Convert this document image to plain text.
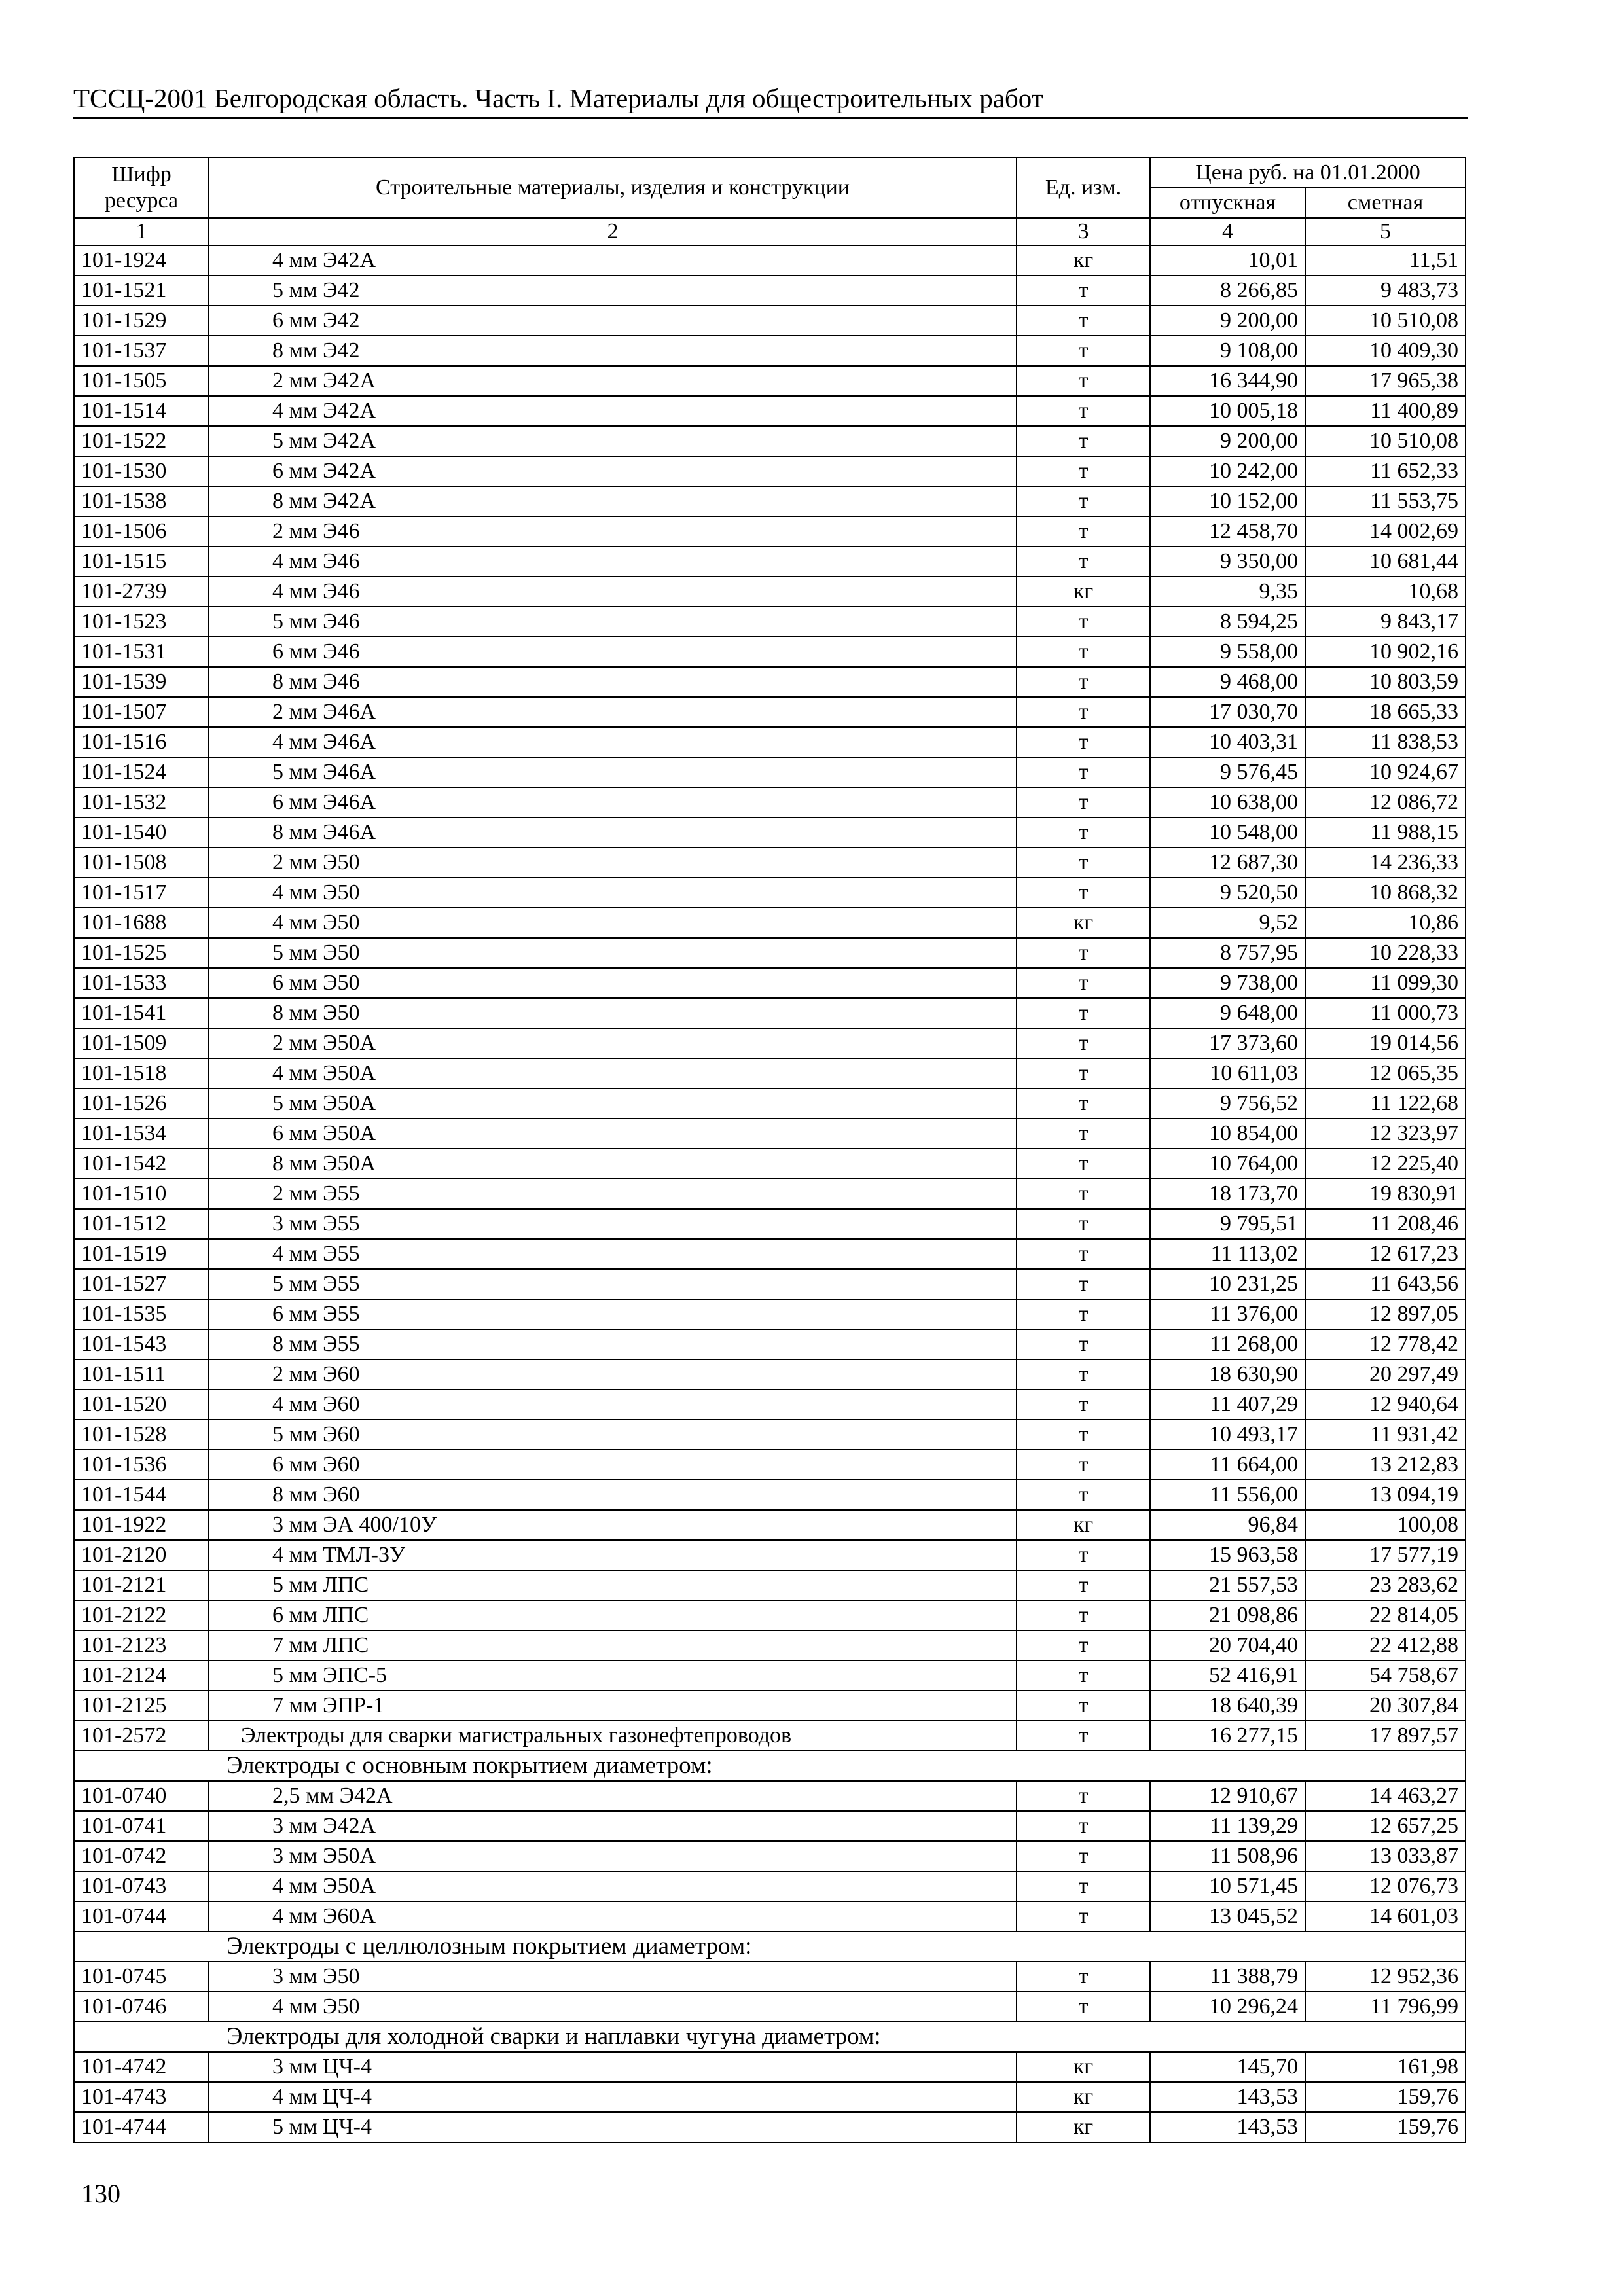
ТССЦ-2001 Белгородская область. Часть I. Материалы для общестроительных работ
Шифр ресурса	Строительные материалы, изделия и конструкции	Ед. изм.	Цена руб. на 01.01.2000	
			отпускная	сметная
1	2	3	4	5
101-1924	4 мм Э42А	кг	10,01	11,51
101-1521	5 мм Э42	т	8 266,85	9 483,73
101-1529	6 мм Э42	т	9 200,00	10 510,08
101-1537	8 мм Э42	т	9 108,00	10 409,30
101-1505	2 мм Э42А	т	16 344,90	17 965,38
101-1514	4 мм Э42А	т	10 005,18	11 400,89
101-1522	5 мм Э42А	т	9 200,00	10 510,08
101-1530	6 мм Э42А	т	10 242,00	11 652,33
101-1538	8 мм Э42А	т	10 152,00	11 553,75
101-1506	2 мм Э46	т	12 458,70	14 002,69
101-1515	4 мм Э46	т	9 350,00	10 681,44
101-2739	4 мм Э46	кг	9,35	10,68
101-1523	5 мм Э46	т	8 594,25	9 843,17
101-1531	6 мм Э46	т	9 558,00	10 902,16
101-1539	8 мм Э46	т	9 468,00	10 803,59
101-1507	2 мм Э46А	т	17 030,70	18 665,33
101-1516	4 мм Э46А	т	10 403,31	11 838,53
101-1524	5 мм Э46А	т	9 576,45	10 924,67
101-1532	6 мм Э46А	т	10 638,00	12 086,72
101-1540	8 мм Э46А	т	10 548,00	11 988,15
101-1508	2 мм Э50	т	12 687,30	14 236,33
101-1517	4 мм Э50	т	9 520,50	10 868,32
101-1688	4 мм Э50	кг	9,52	10,86
101-1525	5 мм Э50	т	8 757,95	10 228,33
101-1533	6 мм Э50	т	9 738,00	11 099,30
101-1541	8 мм Э50	т	9 648,00	11 000,73
101-1509	2 мм Э50А	т	17 373,60	19 014,56
101-1518	4 мм Э50А	т	10 611,03	12 065,35
101-1526	5 мм Э50А	т	9 756,52	11 122,68
101-1534	6 мм Э50А	т	10 854,00	12 323,97
101-1542	8 мм Э50А	т	10 764,00	12 225,40
101-1510	2 мм Э55	т	18 173,70	19 830,91
101-1512	3 мм Э55	т	9 795,51	11 208,46
101-1519	4 мм Э55	т	11 113,02	12 617,23
101-1527	5 мм Э55	т	10 231,25	11 643,56
101-1535	6 мм Э55	т	11 376,00	12 897,05
101-1543	8 мм Э55	т	11 268,00	12 778,42
101-1511	2 мм Э60	т	18 630,90	20 297,49
101-1520	4 мм Э60	т	11 407,29	12 940,64
101-1528	5 мм Э60	т	10 493,17	11 931,42
101-1536	6 мм Э60	т	11 664,00	13 212,83
101-1544	8 мм Э60	т	11 556,00	13 094,19
101-1922	3 мм ЭА 400/10У	кг	96,84	100,08
101-2120	4 мм ТМЛ-3У	т	15 963,58	17 577,19
101-2121	5 мм ЛПС	т	21 557,53	23 283,62
101-2122	6 мм ЛПС	т	21 098,86	22 814,05
101-2123	7 мм ЛПС	т	20 704,40	22 412,88
101-2124	5 мм ЭПС-5	т	52 416,91	54 758,67
101-2125	7 мм ЭПР-1	т	18 640,39	20 307,84
101-2572	Электроды для сварки магистральных газонефтепроводов	т	16 277,15	17 897,57
Электроды с основным покрытием диаметром:				
101-0740	2,5 мм Э42А	т	12 910,67	14 463,27
101-0741	3 мм Э42А	т	11 139,29	12 657,25
101-0742	3 мм Э50А	т	11 508,96	13 033,87
101-0743	4 мм Э50А	т	10 571,45	12 076,73
101-0744	4 мм Э60А	т	13 045,52	14 601,03
Электроды с целлюлозным покрытием диаметром:				
101-0745	3 мм Э50	т	11 388,79	12 952,36
101-0746	4 мм Э50	т	10 296,24	11 796,99
Электроды для холодной сварки и наплавки чугуна диаметром:				
101-4742	3 мм ЦЧ-4	кг	145,70	161,98
101-4743	4 мм ЦЧ-4	кг	143,53	159,76
101-4744	5 мм ЦЧ-4	кг	143,53	159,76
130
